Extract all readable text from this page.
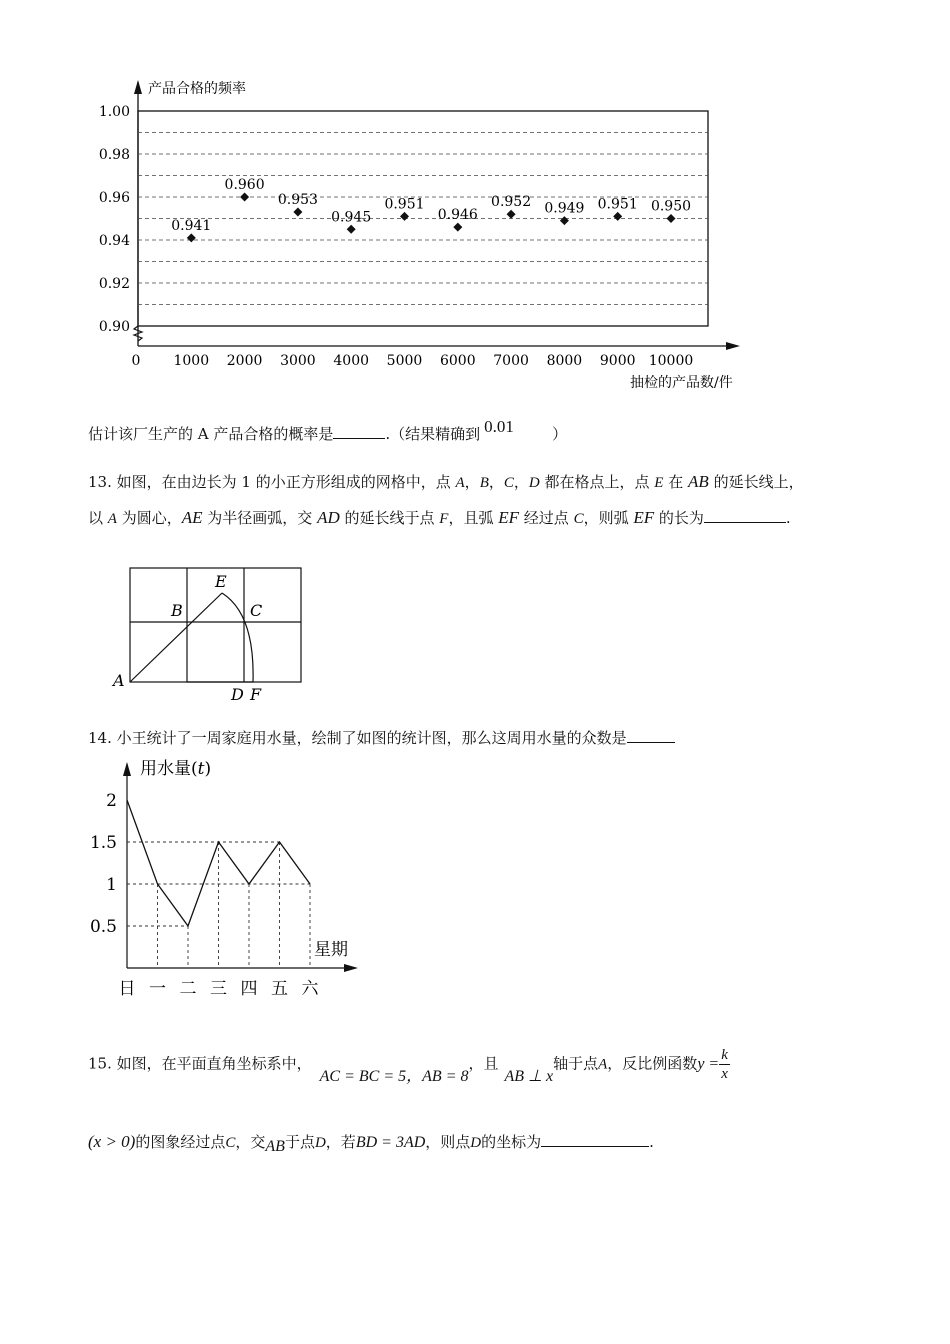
1.00
0.98
0.96
0.94
0.92
0.90
0 1000 2000 3000 4000 5000 6000 7000 8000 9000 10000
0.941
0.960
0.953
0.945
0.951
0.946
0.952 0.949 0.951 0.950
产品合格的频率
抽检的产品数/件
估计该厂生产的 A 产品合格的概率是	.（结果精确到 0.01	）
13. 如图，在由边长为 1 的小正方形组成的网格中，点 A，B，C，D 都在格点上，点 E 在 AB 的延长线上，
以 A 为圆心，AE 为半径画弧，交 AD 的延长线于点 F，且弧 EF 经过点 C，则弧 EF 的长为	.
A
B	C
E
D F
14. 小王统计了一周家庭用水量，绘制了如图的统计图，那么这周用水量的众数是
2
1.5
1
0.5
日 一 二 三 四 五 六
用水量(t)
星期
15. 如图，在平面直角坐标系中，AC = BC = 5，AB = 8，且AB ⊥ x轴于点A，反比例函数$y = \frac{k}{x}$
(x > 0)的图象经过点C，交AB于点D，若BD = 3AD，则点D的坐标为	.
